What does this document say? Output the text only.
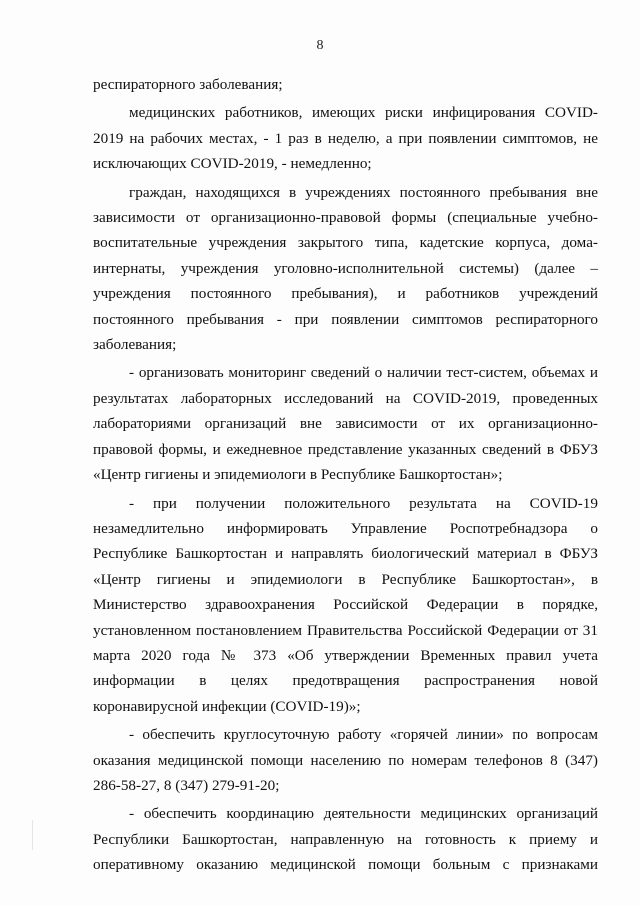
8

респираторного заболевания;

медицинских работников, имеющих риски инфицирования COVID-2019 на рабочих местах, - 1 раз в неделю, а при появлении симптомов, не исключающих COVID-2019, - немедленно;

граждан, находящихся в учреждениях постоянного пребывания вне зависимости от организационно-правовой формы (специальные учебно-воспитательные учреждения закрытого типа, кадетские корпуса, дома-интернаты, учреждения уголовно-исполнительной системы) (далее – учреждения постоянного пребывания), и работников учреждений постоянного пребывания - при появлении симптомов респираторного заболевания;

- организовать мониторинг сведений о наличии тест-систем, объемах и результатах лабораторных исследований на COVID-2019, проведенных лабораториями организаций вне зависимости от их организационно-правовой формы, и ежедневное представление указанных сведений в ФБУЗ «Центр гигиены и эпидемиологи в Республике Башкортостан»;

- при получении положительного результата на COVID-19 незамедлительно информировать Управление Роспотребнадзора о Республике Башкортостан и направлять биологический материал в ФБУЗ «Центр гигиены и эпидемиологи в Республике Башкортостан», в Министерство здравоохранения Российской Федерации в порядке, установленном постановлением Правительства Российской Федерации от 31 марта 2020 года № 373 «Об утверждении Временных правил учета информации в целях предотвращения распространения новой коронавирусной инфекции (COVID-19)»;

- обеспечить круглосуточную работу «горячей линии» по вопросам оказания медицинской помощи населению по номерам телефонов 8 (347) 286-58-27, 8 (347) 279-91-20;

- обеспечить координацию деятельности медицинских организаций Республики Башкортостан, направленную на готовность к приему и оперативному оказанию медицинской помощи больным с признаками
